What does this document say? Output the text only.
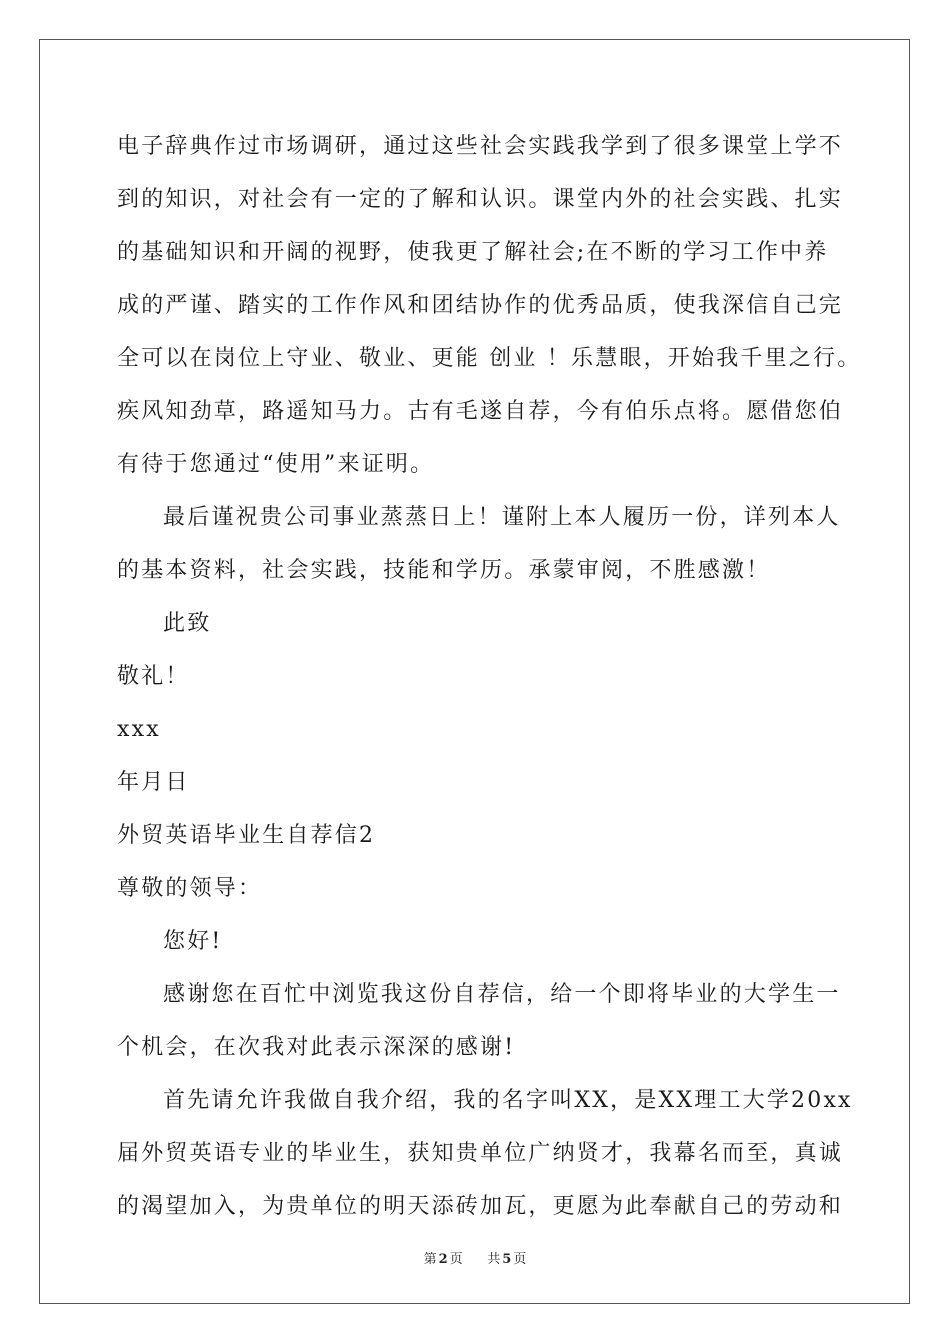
电子辞典作过市场调研，通过这些社会实践我学到了很多课堂上学不
到的知识，对社会有一定的了解和认识。课堂内外的社会实践、扎实
的基础知识和开阔的视野，使我更了解社会;在不断的学习工作中养
成的严谨、踏实的工作作风和团结协作的优秀品质，使我深信自己完
全可以在岗位上守业、敬业、更能 创业 ！乐慧眼，开始我千里之行。
疾风知劲草，路遥知马力。古有毛遂自荐，今有伯乐点将。愿借您伯
有待于您通过“使用”来证明。
最后谨祝贵公司事业蒸蒸日上！谨附上本人履历一份，详列本人
的基本资料，社会实践，技能和学历。承蒙审阅，不胜感激！
此致
敬礼！
xxx
年月日
外贸英语毕业生自荐信2
尊敬的领导：
您好!
感谢您在百忙中浏览我这份自荐信，给一个即将毕业的大学生一
个机会，在次我对此表示深深的感谢!
首先请允许我做自我介绍，我的名字叫XX，是XX理工大学20xx
届外贸英语专业的毕业生，获知贵单位广纳贤才，我幕名而至，真诚
的渴望加入，为贵单位的明天添砖加瓦，更愿为此奉献自己的劳动和
第 2 页 共 5 页
